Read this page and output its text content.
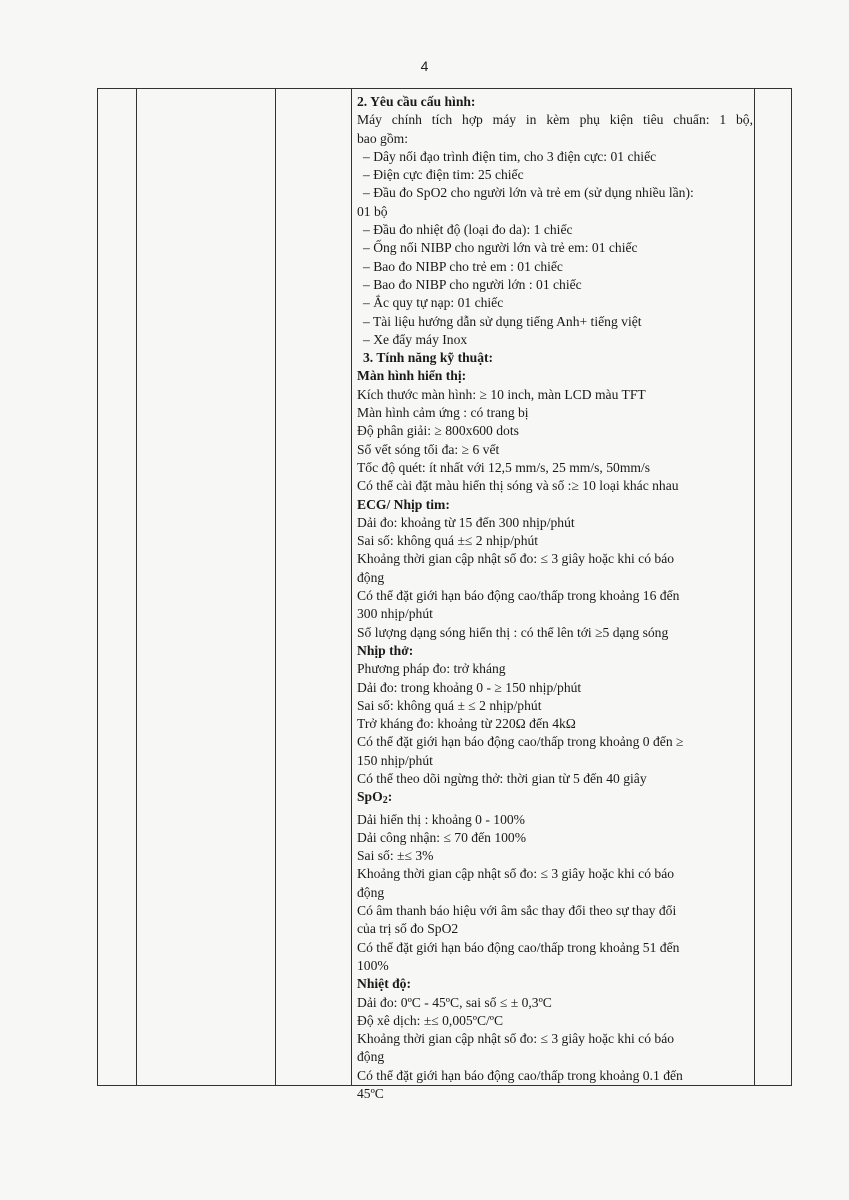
4
2. Yêu cầu cấu hình:
Máy chính tích hợp máy in kèm phụ kiện tiêu chuẩn: 1 bộ,
bao gồm:
– Dây nối đạo trình điện tim, cho 3 điện cực: 01 chiếc
– Điện cực điện tim: 25 chiếc
– Đầu đo SpO2 cho người lớn và trẻ em (sử dụng nhiều lần):
01 bộ
– Đầu đo nhiệt độ (loại đo da): 1 chiếc
– Ống nối NIBP cho người lớn và trẻ em: 01 chiếc
– Bao đo NIBP cho trẻ em : 01 chiếc
– Bao đo NIBP cho người lớn : 01 chiếc
– Ắc quy tự nạp: 01 chiếc
– Tài liệu hướng dẫn sử dụng tiếng Anh+ tiếng việt
– Xe đẩy máy Inox
3. Tính năng kỹ thuật:
Màn hình hiển thị:
Kích thước màn hình: ≥ 10 inch, màn LCD màu TFT
Màn hình cảm ứng : có trang bị
Độ phân giải: ≥ 800x600 dots
Số vết sóng tối đa: ≥ 6 vết
Tốc độ quét: ít nhất với 12,5 mm/s, 25 mm/s, 50mm/s
Có thể cài đặt màu hiển thị sóng và số :≥ 10 loại khác nhau
ECG/ Nhịp tim:
Dải đo: khoảng từ 15 đến 300 nhịp/phút
Sai số: không quá ±≤ 2 nhịp/phút
Khoảng thời gian cập nhật số đo: ≤ 3 giây hoặc khi có báo
động
Có thể đặt giới hạn báo động cao/thấp trong khoảng 16 đến
300 nhịp/phút
Số lượng dạng sóng hiển thị : có thể lên tới ≥5 dạng sóng
Nhịp thở:
Phương pháp đo: trở kháng
Dải đo: trong khoảng 0 - ≥ 150 nhịp/phút
Sai số: không quá ± ≤ 2 nhịp/phút
Trở kháng đo: khoảng từ 220Ω đến 4kΩ
Có thể đặt giới hạn báo động cao/thấp trong khoảng 0 đến ≥
150 nhịp/phút
Có thể theo dõi ngừng thở: thời gian từ 5 đến 40 giây
SpO$_2$:
Dải hiển thị : khoảng 0 - 100%
Dải công nhận: ≤ 70 đến 100%
Sai số: ±≤ 3%
Khoảng thời gian cập nhật số đo: ≤ 3 giây hoặc khi có báo
động
Có âm thanh báo hiệu với âm sắc thay đổi theo sự thay đổi
của trị số đo SpO2
Có thể đặt giới hạn báo động cao/thấp trong khoảng 51 đến
100%
Nhiệt độ:
Dải đo: 0ºC - 45ºC, sai số ≤ ± 0,3ºC
Độ xê dịch: ±≤ 0,005ºC/ºC
Khoảng thời gian cập nhật số đo: ≤ 3 giây hoặc khi có báo
động
Có thể đặt giới hạn báo động cao/thấp trong khoảng 0.1 đến
45ºC
